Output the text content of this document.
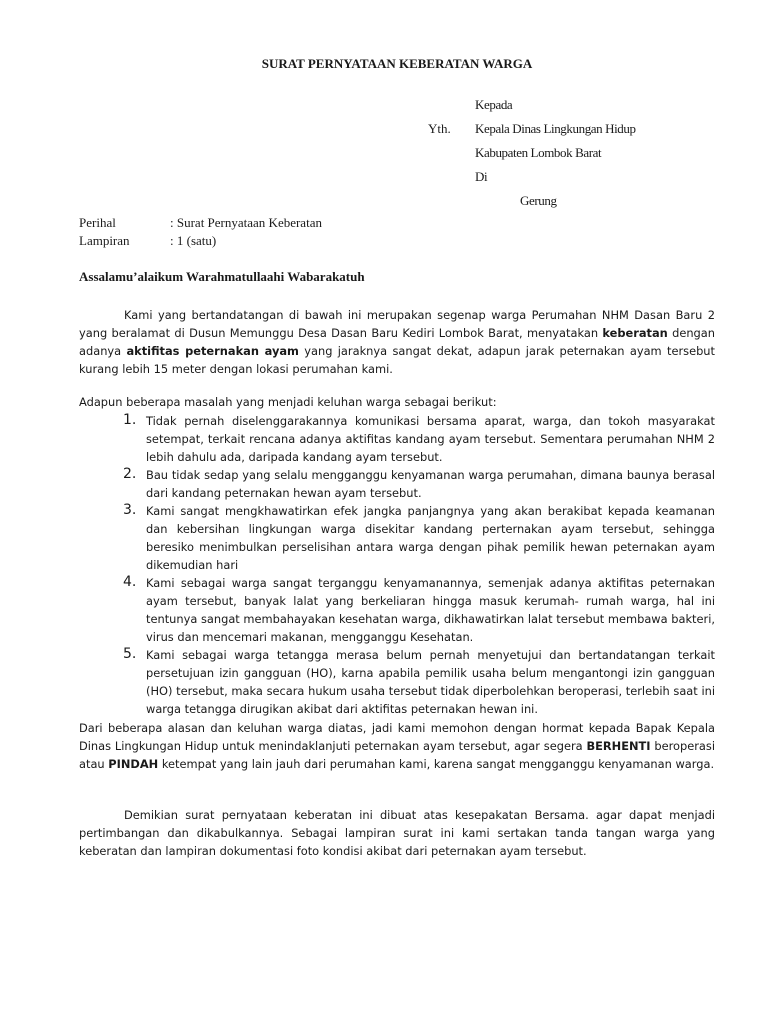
SURAT PERNYATAAN KEBERATAN WARGA
Kepada
Yth.	Kepala Dinas Lingkungan Hidup
Kabupaten Lombok Barat
Di
Gerung
Perihal	: Surat Pernyataan Keberatan
Lampiran	: 1 (satu)
Assalamu’alaikum Warahmatullaahi Wabarakatuh
Kami yang bertandatangan di bawah ini merupakan segenap warga Perumahan NHM Dasan Baru 2 yang beralamat di Dusun Memunggu Desa Dasan Baru Kediri Lombok Barat, menyatakan keberatan dengan adanya aktifitas peternakan ayam yang jaraknya sangat dekat, adapun jarak peternakan ayam tersebut kurang lebih 15 meter dengan lokasi perumahan kami.
Adapun beberapa masalah yang menjadi keluhan warga sebagai berikut:
1. Tidak pernah diselenggarakannya komunikasi bersama aparat, warga, dan tokoh masyarakat setempat, terkait rencana adanya aktifitas kandang ayam tersebut. Sementara perumahan NHM 2 lebih dahulu ada, daripada kandang ayam tersebut.
2. Bau tidak sedap yang selalu mengganggu kenyamanan warga perumahan, dimana baunya berasal dari kandang peternakan hewan ayam tersebut.
3. Kami sangat mengkhawatirkan efek jangka panjangnya yang akan berakibat kepada keamanan dan kebersihan lingkungan warga disekitar kandang perternakan ayam tersebut, sehingga beresiko menimbulkan perselisihan antara warga dengan pihak pemilik hewan peternakan ayam dikemudian hari
4. Kami sebagai warga sangat terganggu kenyamanannya, semenjak adanya aktifitas peternakan ayam tersebut, banyak lalat yang berkeliaran hingga masuk kerumah- rumah warga, hal ini tentunya sangat membahayakan kesehatan warga, dikhawatirkan lalat tersebut membawa bakteri, virus dan mencemari makanan, mengganggu Kesehatan.
5. Kami sebagai warga tetangga merasa belum pernah menyetujui dan bertandatangan terkait persetujuan izin gangguan (HO), karna apabila pemilik usaha belum mengantongi izin gangguan (HO) tersebut, maka secara hukum usaha tersebut tidak diperbolehkan beroperasi, terlebih saat ini warga tetangga dirugikan akibat dari aktifitas peternakan hewan ini.
Dari beberapa alasan dan keluhan warga diatas, jadi kami memohon dengan hormat kepada Bapak Kepala Dinas Lingkungan Hidup untuk menindaklanjuti peternakan ayam tersebut, agar segera BERHENTI beroperasi atau PINDAH ketempat yang lain jauh dari perumahan kami, karena sangat mengganggu kenyamanan warga.
Demikian surat pernyataan keberatan ini dibuat atas kesepakatan Bersama. agar dapat menjadi pertimbangan dan dikabulkannya. Sebagai lampiran surat ini kami sertakan tanda tangan warga yang keberatan dan lampiran dokumentasi foto kondisi akibat dari peternakan ayam tersebut.
